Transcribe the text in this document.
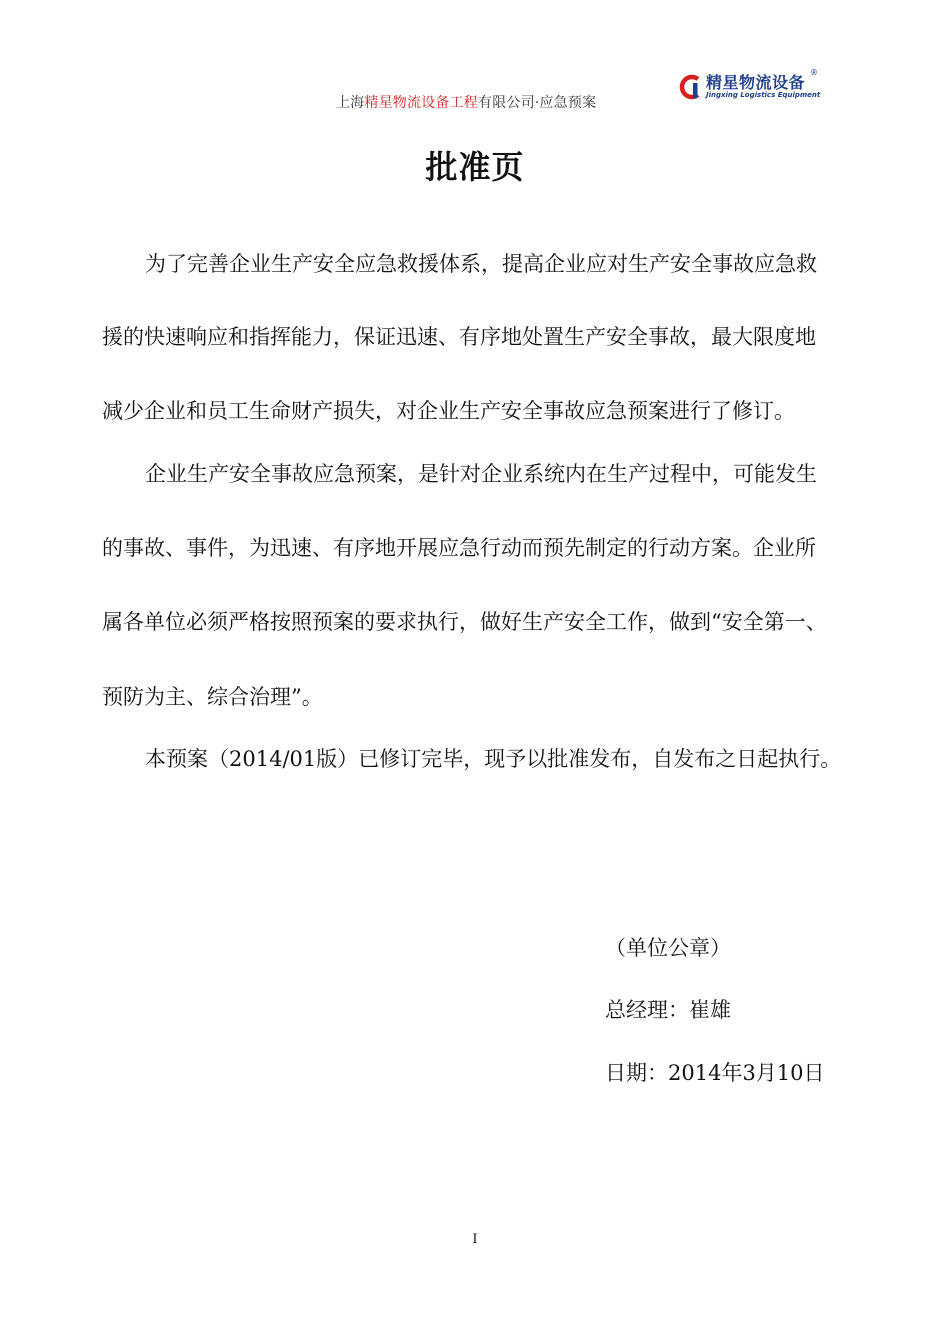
上海精星物流设备工程有限公司·应急预案
精星物流设备
®
Jingxing Logistics Equipment
批准页
为了完善企业生产安全应急救援体系，提高企业应对生产安全事故应急救
援的快速响应和指挥能力，保证迅速、有序地处置生产安全事故，最大限度地
减少企业和员工生命财产损失，对企业生产安全事故应急预案进行了修订。
企业生产安全事故应急预案，是针对企业系统内在生产过程中，可能发生
的事故、事件，为迅速、有序地开展应急行动而预先制定的行动方案。企业所
属各单位必须严格按照预案的要求执行，做好生产安全工作，做到“安全第一、
预防为主、综合治理”。
本预案（2014/01版）已修订完毕，现予以批准发布，自发布之日起执行。
（单位公章）
总经理：崔雄
日期：2014年3月10日
I
